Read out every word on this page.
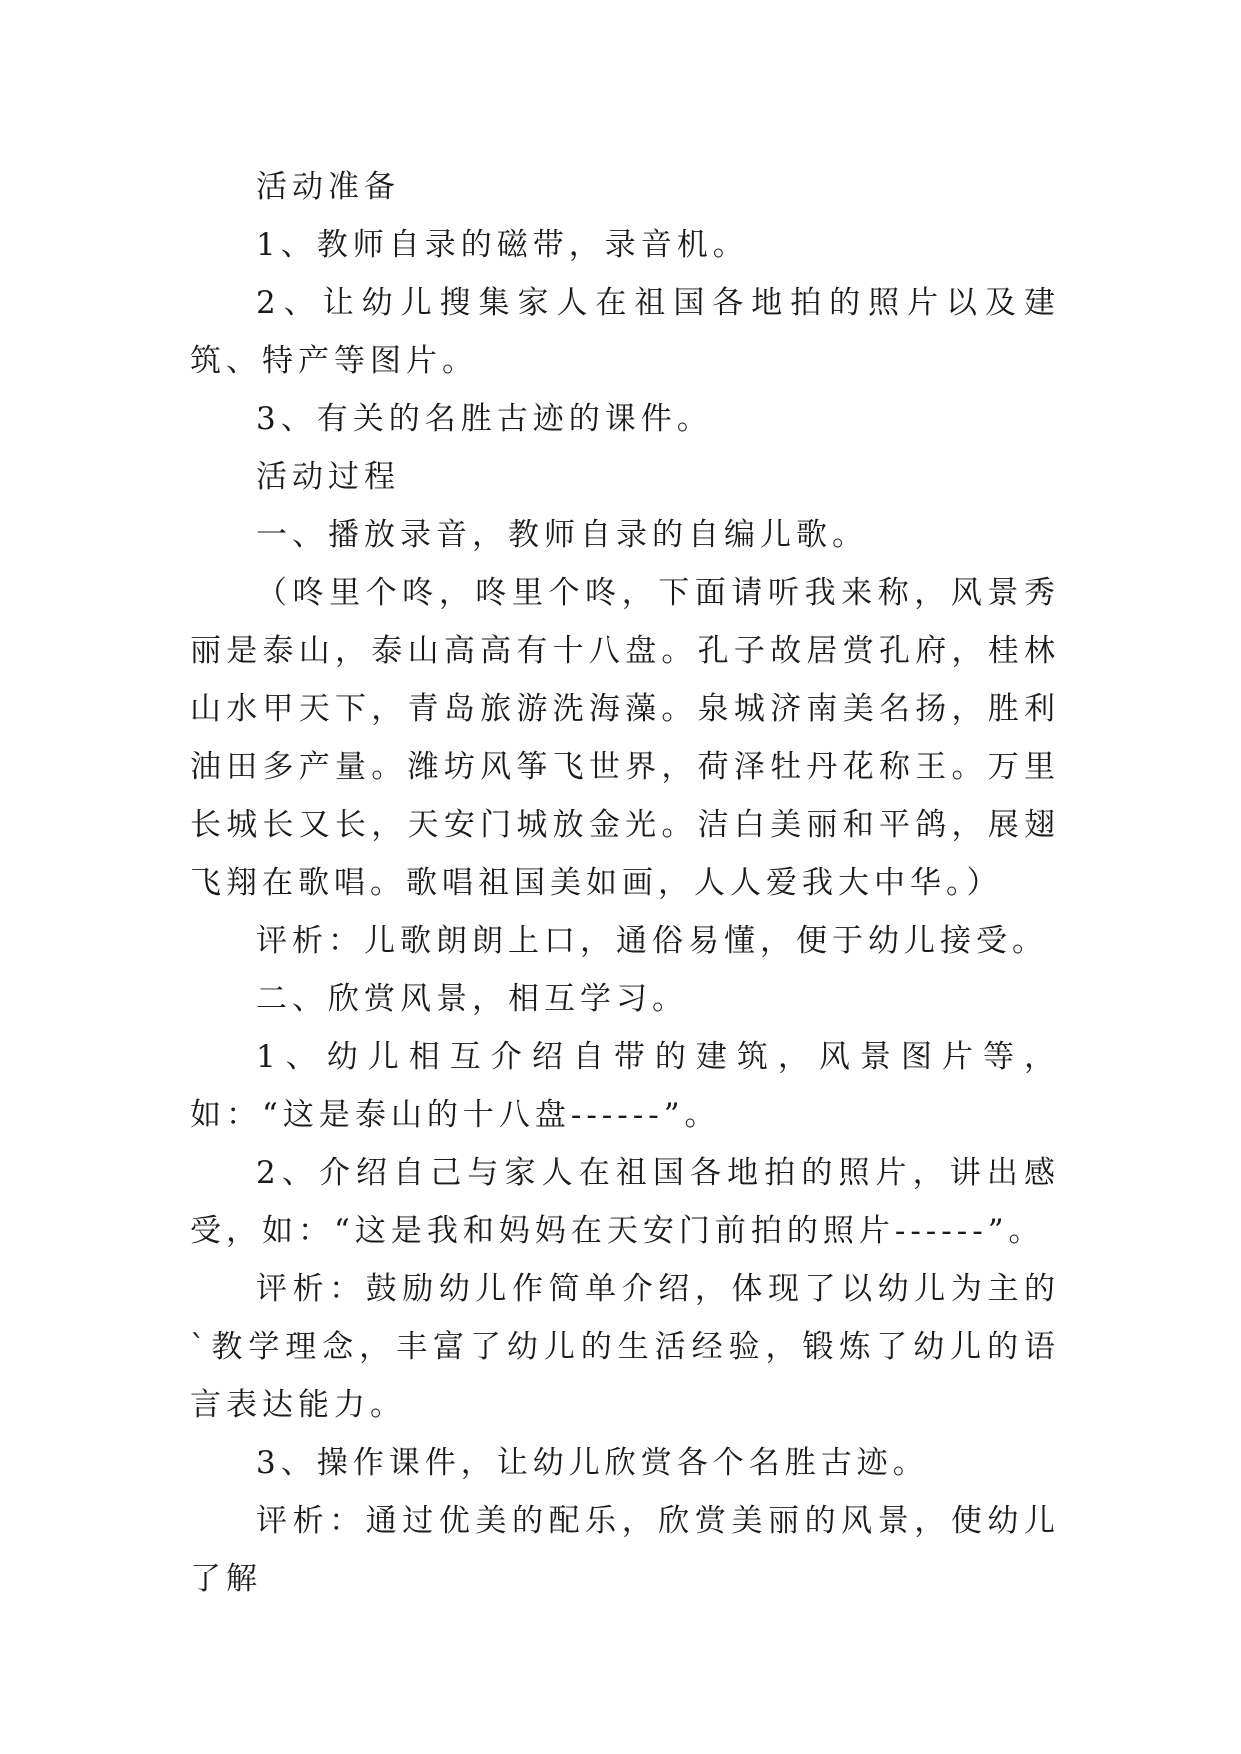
活动准备

1、教师自录的磁带，录音机。

2、让幼儿搜集家人在祖国各地拍的照片以及建筑、特产等图片。

3、有关的名胜古迹的课件。

活动过程

一、播放录音，教师自录的自编儿歌。

（咚里个咚，咚里个咚，下面请听我来称，风景秀丽是泰山，泰山高高有十八盘。孔子故居赏孔府，桂林山水甲天下，青岛旅游洗海藻。泉城济南美名扬，胜利油田多产量。潍坊风筝飞世界，荷泽牡丹花称王。万里长城长又长，天安门城放金光。洁白美丽和平鸽，展翅飞翔在歌唱。歌唱祖国美如画，人人爱我大中华。）

评析：儿歌朗朗上口，通俗易懂，便于幼儿接受。

二、欣赏风景，相互学习。

1、幼儿相互介绍自带的建筑，风景图片等，如：“这是泰山的十八盘------”。

2、介绍自己与家人在祖国各地拍的照片，讲出感受，如：“这是我和妈妈在天安门前拍的照片------”。

评析：鼓励幼儿作简单介绍，体现了以幼儿为主的`教学理念，丰富了幼儿的生活经验，锻炼了幼儿的语言表达能力。

3、操作课件，让幼儿欣赏各个名胜古迹。

评析：通过优美的配乐，欣赏美丽的风景，使幼儿了解
